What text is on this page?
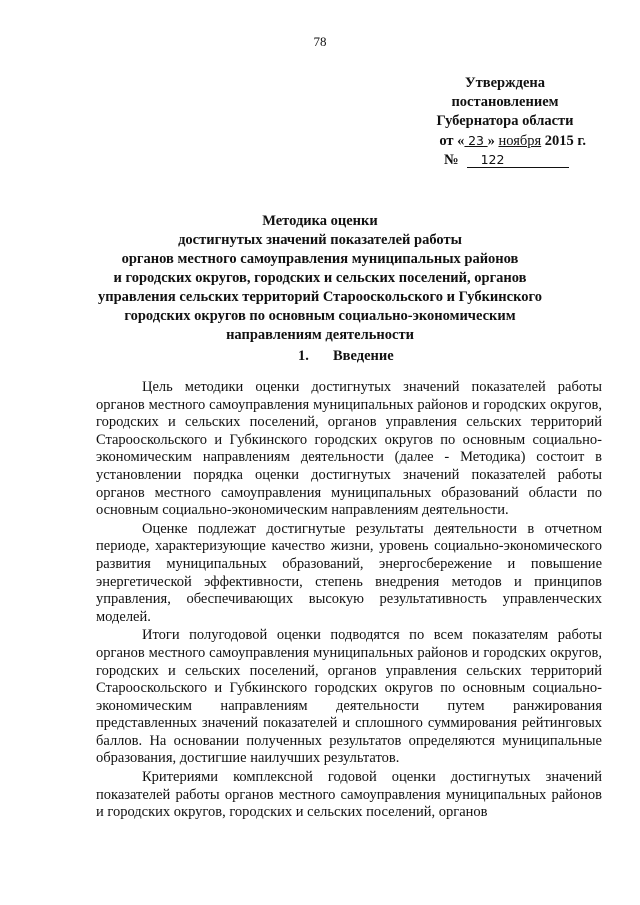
78
Утверждена
постановлением
Губернатора области
от « 23 » ноября 2015 г.
№ 122
Методика оценки
достигнутых значений показателей работы
органов местного самоуправления муниципальных районов
и городских округов, городских и сельских поселений, органов
управления сельских территорий Старооскольского и Губкинского
городских округов по основным социально-экономическим
направлениям деятельности
1. Введение

Цель методики оценки достигнутых значений показателей работы органов местного самоуправления муниципальных районов и городских округов, городских и сельских поселений, органов управления сельских территорий Старооскольского и Губкинского городских округов по основным социально-экономическим направлениям деятельности (далее - Методика) состоит в установлении порядка оценки достигнутых значений показателей работы органов местного самоуправления муниципальных образований области по основным социально-экономическим направлениям деятельности.

Оценке подлежат достигнутые результаты деятельности в отчетном периоде, характеризующие качество жизни, уровень социально-экономического развития муниципальных образований, энергосбережение и повышение энергетической эффективности, степень внедрения методов и принципов управления, обеспечивающих высокую результативность управленческих моделей.

Итоги полугодовой оценки подводятся по всем показателям работы органов местного самоуправления муниципальных районов и городских округов, городских и сельских поселений, органов управления сельских территорий Старооскольского и Губкинского городских округов по основным социально-экономическим направлениям деятельности путем ранжирования представленных значений показателей и сплошного суммирования рейтинговых баллов. На основании полученных результатов определяются муниципальные образования, достигшие наилучших результатов.

Критериями комплексной годовой оценки достигнутых значений показателей работы органов местного самоуправления муниципальных районов и городских округов, городских и сельских поселений, органов
